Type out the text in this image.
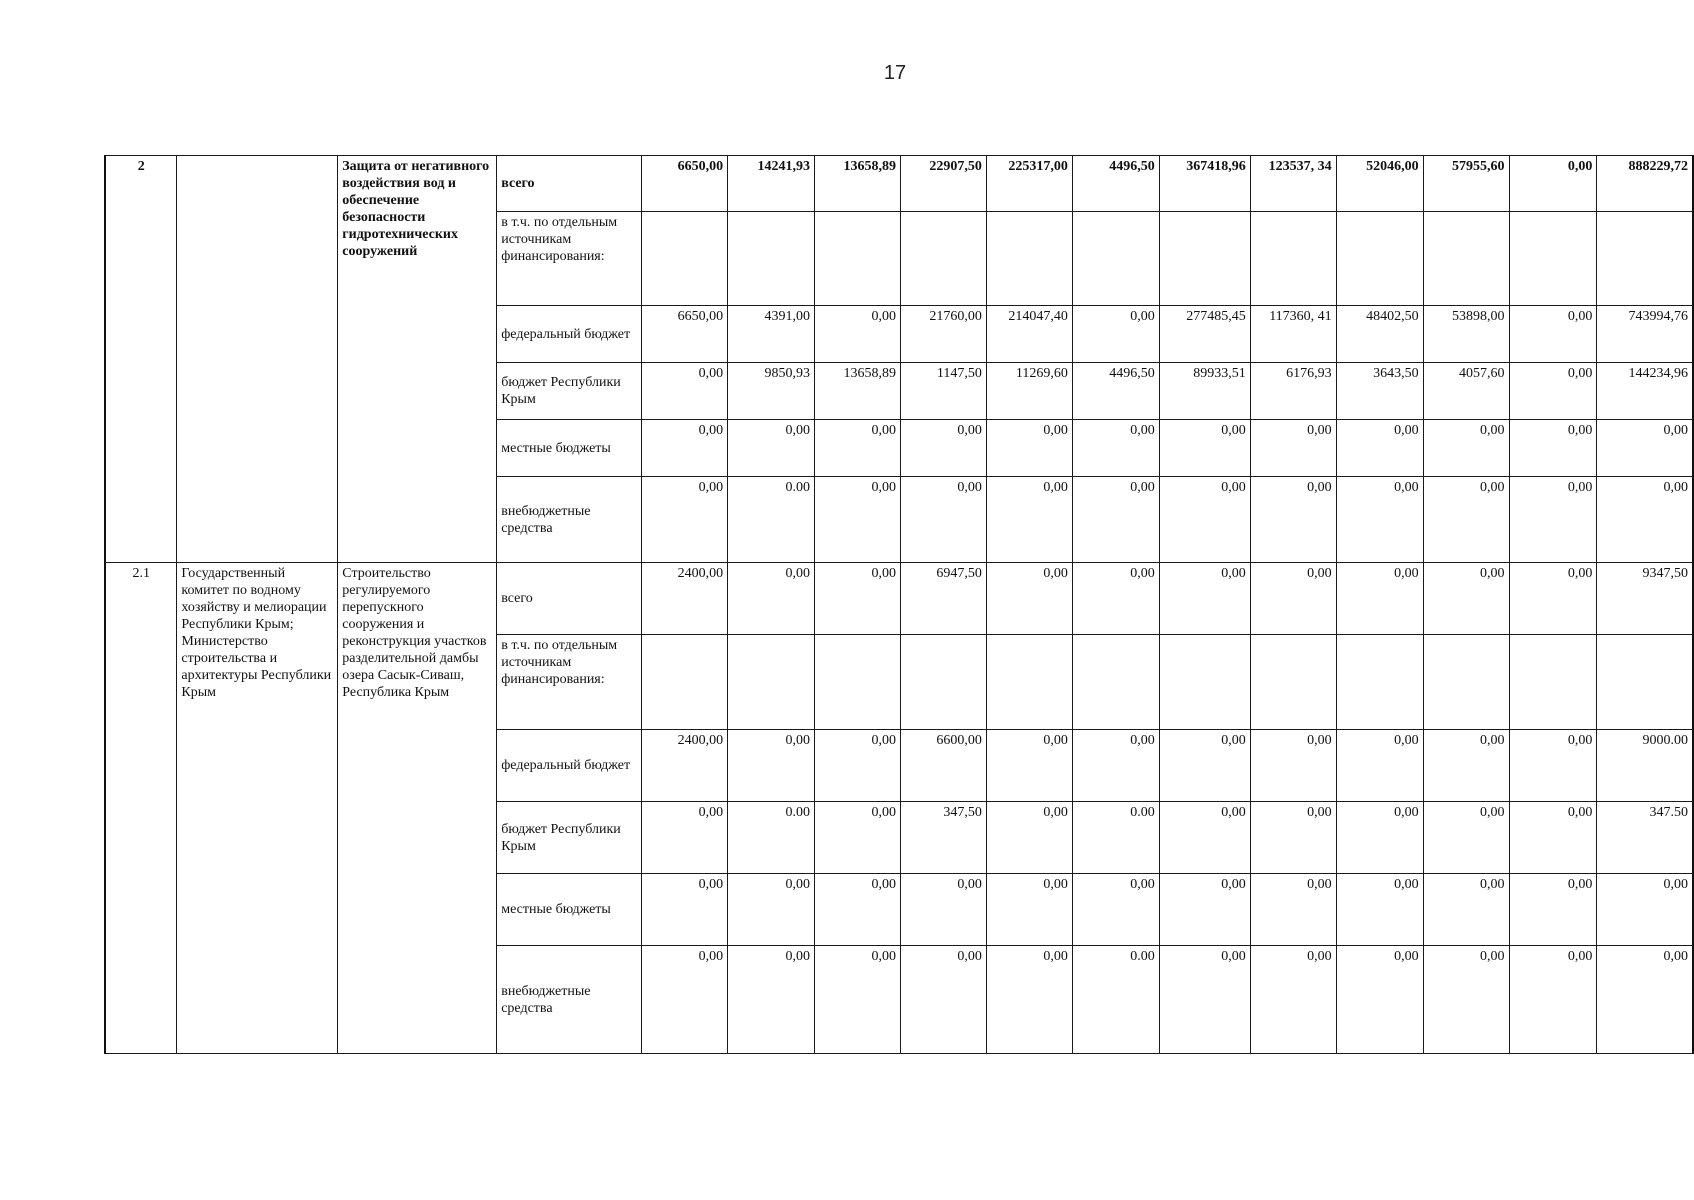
17
2		Защита от негативного воздействия вод и обеспечение безопасности гидротехнических сооружений	всего	6650,00	14241,93	13658,89	22907,50	225317,00	4496,50	367418,96	123537, 34	52046,00	57955,60	0,00	888229,72
			в т.ч. по отдельным источникам финансирования:												
			федеральный бюджет	6650,00	4391,00	0,00	21760,00	214047,40	0,00	277485,45	117360, 41	48402,50	53898,00	0,00	743994,76
			бюджет Республики Крым	0,00	9850,93	13658,89	1147,50	11269,60	4496,50	89933,51	6176,93	3643,50	4057,60	0,00	144234,96
			местные бюджеты	0,00	0,00	0,00	0,00	0,00	0,00	0,00	0,00	0,00	0,00	0,00	0,00
			внебюджетные средства	0,00	0.00	0,00	0,00	0,00	0,00	0,00	0,00	0,00	0,00	0,00	0,00
2.1	Государственный комитет по водному хозяйству и мелиорации Республики Крым; Министерство строительства и архитектуры Республики Крым	Строительство регулируемого перепускного сооружения и реконструкция участков разделительной дамбы озера Сасык-Сиваш, Республика Крым	всего	2400,00	0,00	0,00	6947,50	0,00	0,00	0,00	0,00	0,00	0,00	0,00	9347,50
			в т.ч. по отдельным источникам финансирования:												
			федеральный бюджет	2400,00	0,00	0,00	6600,00	0,00	0,00	0,00	0,00	0,00	0,00	0,00	9000.00
			бюджет Республики Крым	0,00	0.00	0,00	347,50	0,00	0.00	0,00	0,00	0,00	0,00	0,00	347.50
			местные бюджеты	0,00	0,00	0,00	0,00	0,00	0,00	0,00	0,00	0,00	0,00	0,00	0,00
			внебюджетные средства	0,00	0,00	0,00	0,00	0,00	0.00	0,00	0,00	0,00	0,00	0,00	0,00
